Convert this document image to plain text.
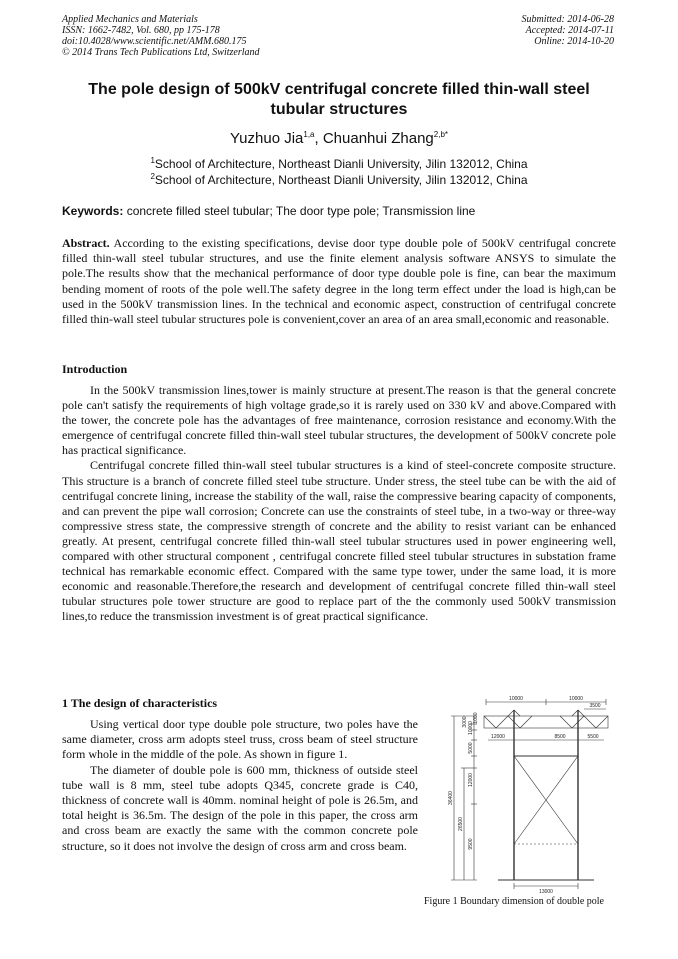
Applied Mechanics and Materials
ISSN: 1662-7482, Vol. 680, pp 175-178
doi:10.4028/www.scientific.net/AMM.680.175
© 2014 Trans Tech Publications Ltd, Switzerland
Submitted: 2014-06-28
Accepted: 2014-07-11
Online: 2014-10-20
The pole design of 500kV centrifugal concrete filled thin-wall steel tubular structures
Yuzhuo Jia$^{1,a}$, Chuanhui Zhang$^{2,b*}$
$^1$School of Architecture, Northeast Dianli University, Jilin 132012, China
$^2$School of Architecture, Northeast Dianli University, Jilin 132012, China
Keywords: concrete filled steel tubular; The door type pole; Transmission line
Abstract. According to the existing specifications, devise door type double pole of 500kV centrifugal concrete filled thin-wall steel tubular structures, and use the finite element analysis software ANSYS to simulate the pole.The results show that the mechanical performance of door type double pole is fine, can bear the maximum bending moment of roots of the pole well.The safety degree in the long term effect under the load is high,can be used in the 500kV transmission lines. In the technical and economic aspect, construction of centrifugal concrete filled thin-wall steel tubular structures pole is convenient,cover an area of an area small,economic and reasonable.
Introduction

In the 500kV transmission lines,tower is mainly structure at present.The reason is that the general concrete pole can't satisfy the requirements of high voltage grade,so it is rarely used on 330 kV and above.Compared with the tower, the concrete pole has the advantages of free maintenance, corrosion resistance and economy.With the emergence of centrifugal concrete filled thin-wall steel tubular structures, the development of 500kV concrete pole has practical significance.

Centrifugal concrete filled thin-wall steel tubular structures is a kind of steel-concrete composite structure. This structure is a branch of concrete filled steel tube structure. Under stress, the steel tube can be with the aid of centrifugal concrete lining, increase the stability of the wall, raise the compressive bearing capacity of components, and can prevent the pipe wall corrosion; Concrete can use the constraints of steel tube, in a two-way or three-way compressive stress state, the compressive strength of concrete and the ability to resist variant can be enhanced greatly. At present, centrifugal concrete filled thin-wall steel tubular structures used in power engineering well, compared with other structural component , centrifugal concrete filled steel tubular structures in substation frame technical has remarkable economic effect. Compared with the same type tower, under the same load, it is more economic and reasonable.Therefore,the research and development of centrifugal concrete filled thin-wall steel tubular structures pole tower structure are good to replace part of the the commonly used 500kV transmission lines,to reduce the transmission investment is of great practical significance.

1 The design of characteristics

Using vertical door type double pole structure, two poles have the same diameter, cross arm adopts steel truss, cross beam of steel structure form whole in the middle of the pole. As shown in figure 1.

The diameter of double pole is 600 mm, thickness of outside steel tube wall is 8 mm, steel tube adopts Q345, concrete grade is C40, thickness of concrete wall is 40mm. nominal height of pole is 26.5m, and total height is 36.5m. The design of the pole in this paper, the cross arm and cross beam are exactly the same with the common concrete pole structure, so it does not involve the design of cross arm and cross beam.

10000	10000
3500
12000	8500	5500
13000
36400
26500
10000
5000
12000
9500
3000 1000
Figure 1 Boundary dimension of double pole
